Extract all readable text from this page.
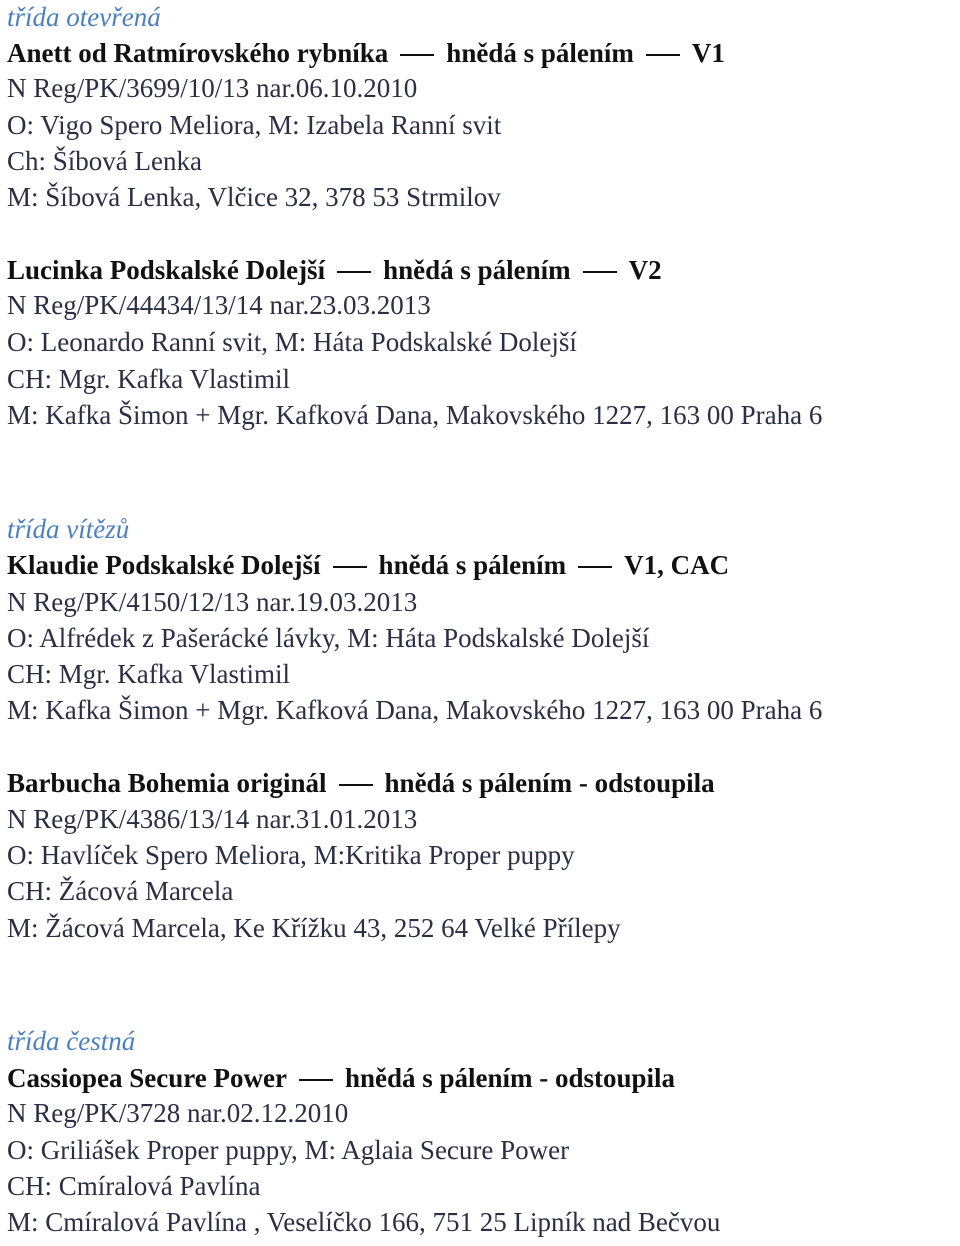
třída otevřená
Anett od Ratmírovského rybníka hnědá s pálením V1
N Reg/PK/3699/10/13 nar.06.10.2010
O: Vigo Spero Meliora, M: Izabela Ranní svit
Ch: Šíbová Lenka
M: Šíbová Lenka, Vlčice 32, 378 53 Strmilov
Lucinka Podskalské Dolejší hnědá s pálením V2
N Reg/PK/44434/13/14 nar.23.03.2013
O: Leonardo Ranní svit, M: Háta Podskalské Dolejší
CH: Mgr. Kafka Vlastimil
M: Kafka Šimon + Mgr. Kafková Dana, Makovského 1227, 163 00 Praha 6
třída vítězů
Klaudie Podskalské Dolejší hnědá s pálením V1, CAC
N Reg/PK/4150/12/13 nar.19.03.2013
O: Alfrédek z Pašerácké lávky, M: Háta Podskalské Dolejší
CH: Mgr. Kafka Vlastimil
M: Kafka Šimon + Mgr. Kafková Dana, Makovského 1227, 163 00 Praha 6
Barbucha Bohemia originál hnědá s pálením - odstoupila
N Reg/PK/4386/13/14 nar.31.01.2013
O: Havlíček Spero Meliora, M:Kritika Proper puppy
CH: Žácová Marcela
M: Žácová Marcela, Ke Křížku 43, 252 64 Velké Přílepy
třída čestná
Cassiopea Secure Power hnědá s pálením - odstoupila
N Reg/PK/3728 nar.02.12.2010
O: Griliášek Proper puppy, M: Aglaia Secure Power
CH: Cmíralová Pavlína
M: Cmíralová Pavlína , Veselíčko 166, 751 25 Lipník nad Bečvou
